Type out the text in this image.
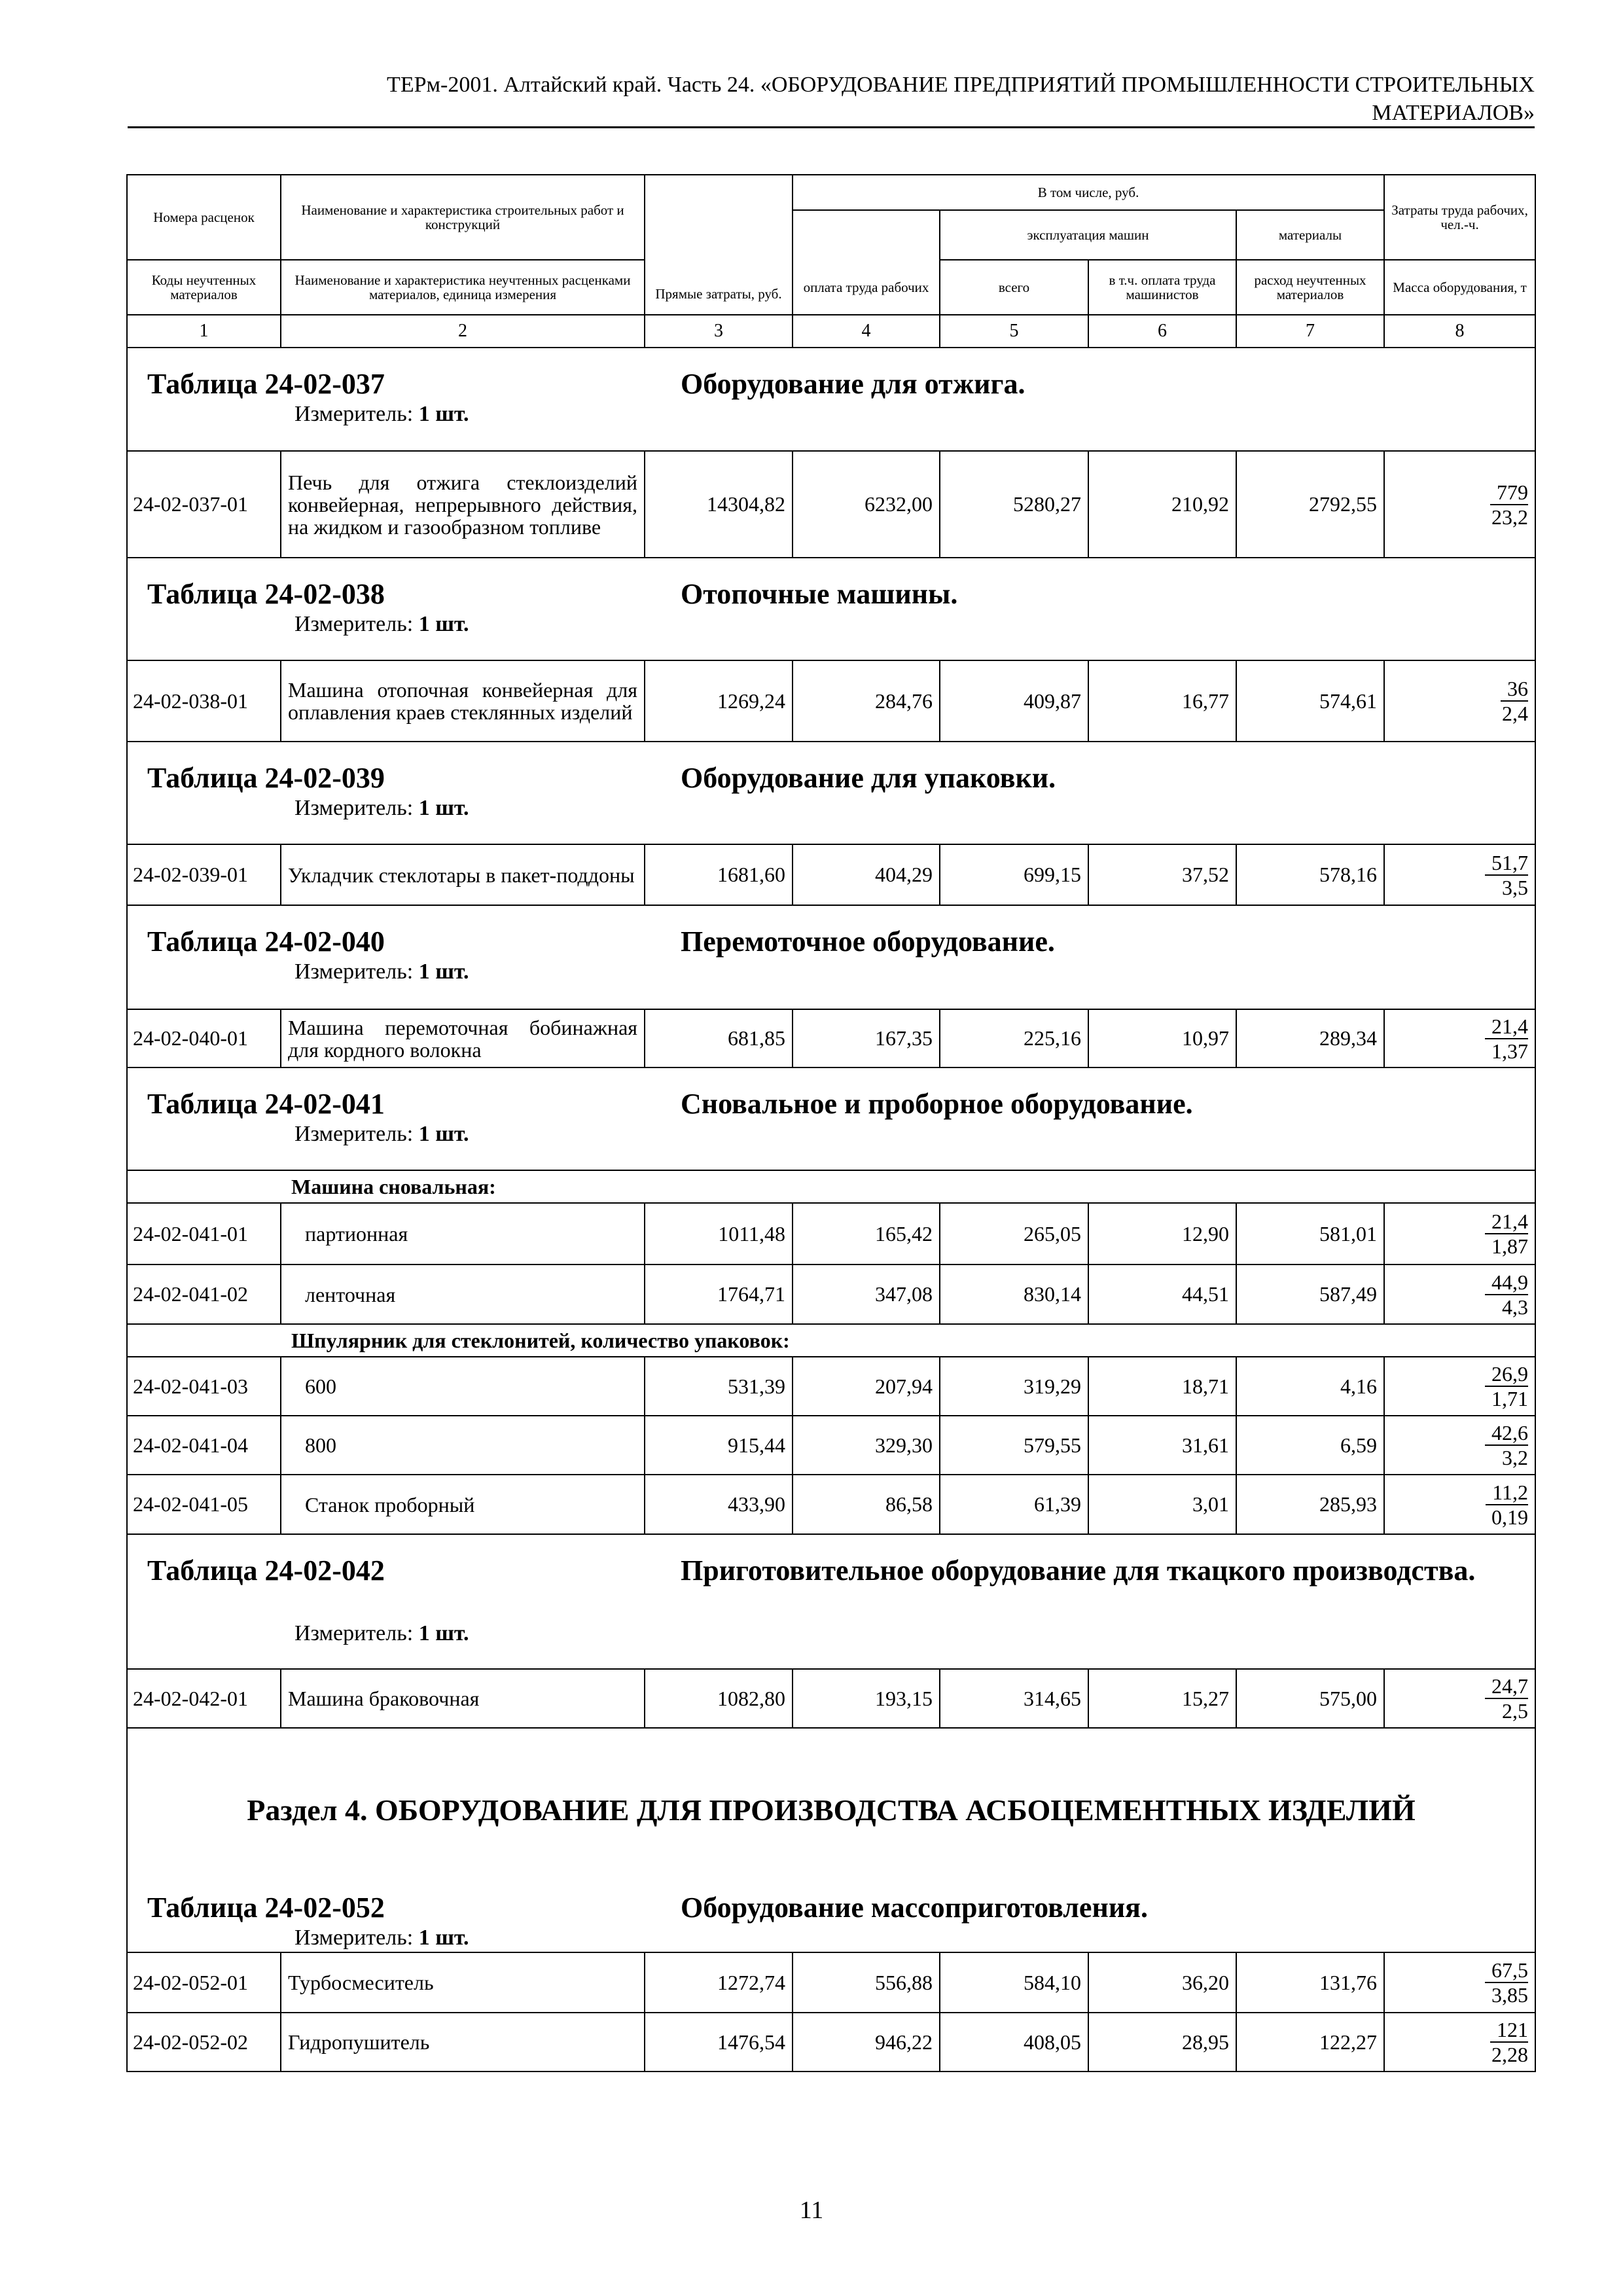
ТЕРм-2001. Алтайский край. Часть 24. «ОБОРУДОВАНИЕ ПРЕДПРИЯТИЙ ПРОМЫШЛЕННОСТИ СТРОИТЕЛЬНЫХ
МАТЕРИАЛОВ»
Номера расценок	Наименование и характеристика строительных работ и конструкций	Прямые затраты, руб.	В том числе, руб.				Затраты труда рабочих, чел.-ч.
				эксплуатация машин		материалы	
Коды неучтенных материалов	Наименование и характеристика неучтенных расценками материалов, единица измерения		оплата труда рабочих	всего	в т.ч. оплата труда машинистов	расход неучтенных материалов	Масса оборудования, т
1	2	3	4	5	6	7	8

Таблица 24-02-037 Оборудование для отжига.
Измеритель: 1 шт.							

24-02-037-01	Печь для отжига стеклоизделий конвейерная, непрерывного действия, на жидком и газообразном топливе	14304,82	6232,00	5280,27	210,92	2792,55	779
23,2

Таблица 24-02-038 Отопочные машины.
Измеритель: 1 шт.							

24-02-038-01	Машина отопочная конвейерная для оплавления краев стеклянных изделий	1269,24	284,76	409,87	16,77	574,61	36
2,4

Таблица 24-02-039 Оборудование для упаковки.
Измеритель: 1 шт.							

24-02-039-01	Укладчик стеклотары в пакет-поддоны	1681,60	404,29	699,15	37,52	578,16	51,7
3,5

Таблица 24-02-040 Перемоточное оборудование.
Измеритель: 1 шт.							

24-02-040-01	Машина перемоточная бобинажная для кордного волокна	681,85	167,35	225,16	10,97	289,34	21,4
1,37

Таблица 24-02-041 Сновальное и проборное оборудование.
Измеритель: 1 шт.							

Машина сновальная:							
24-02-041-01	партионная	1011,48	165,42	265,05	12,90	581,01	21,4
1,87

24-02-041-02	ленточная	1764,71	347,08	830,14	44,51	587,49	44,9
4,3

Шпулярник для стеклонитей, количество упаковок:							
24-02-041-03	600	531,39	207,94	319,29	18,71	4,16	26,9
1,71

24-02-041-04	800	915,44	329,30	579,55	31,61	6,59	42,6
3,2

24-02-041-05	Станок проборный	433,90	86,58	61,39	3,01	285,93	11,2
0,19

Таблица 24-02-042 Приготовительное оборудование для ткацкого производства.
Измеритель: 1 шт.							

24-02-042-01	Машина браковочная	1082,80	193,15	314,65	15,27	575,00	24,7
2,5

Раздел 4. ОБОРУДОВАНИЕ ДЛЯ ПРОИЗВОДСТВА АСБОЦЕМЕНТНЫХ ИЗДЕЛИЙ							

Таблица 24-02-052 Оборудование массоприготовления.
Измеритель: 1 шт.							

24-02-052-01	Турбосмеситель	1272,74	556,88	584,10	36,20	131,76	67,5
3,85

24-02-052-02	Гидропушитель	1476,54	946,22	408,05	28,95	122,27	121
2,28
11
